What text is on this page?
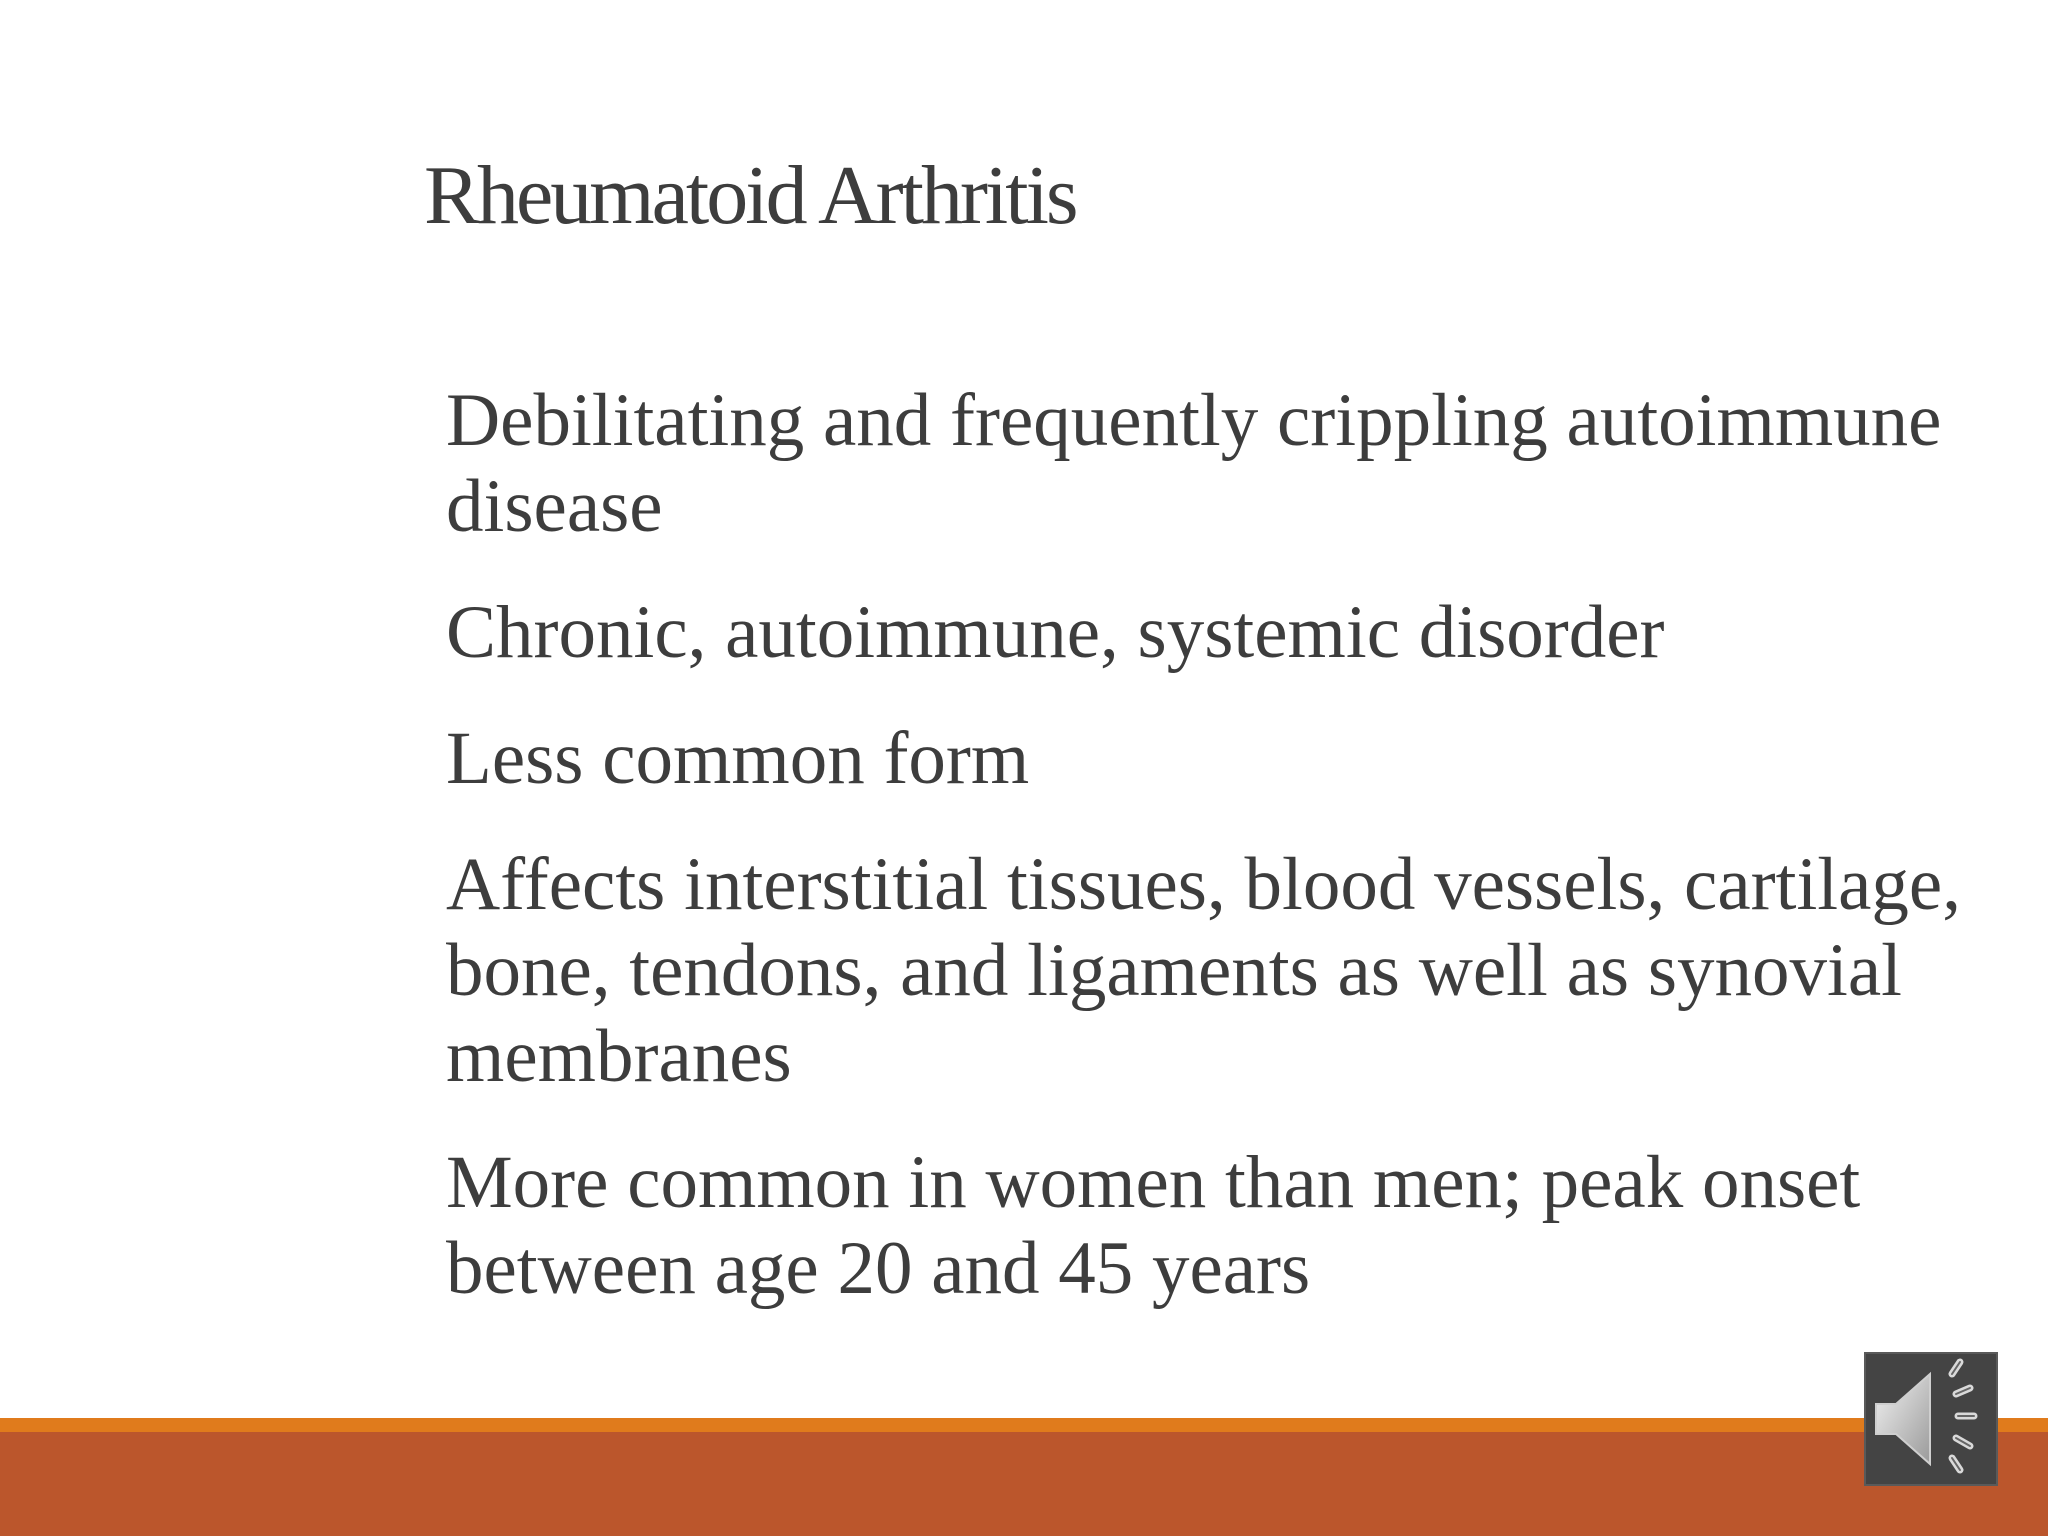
Rheumatoid Arthritis
Debilitating and frequently crippling autoimmune disease
Chronic, autoimmune, systemic disorder
Less common form
Affects interstitial tissues, blood vessels, cartilage, bone, tendons, and ligaments as well as synovial membranes
More common in women than men; peak onset between age 20 and 45 years
